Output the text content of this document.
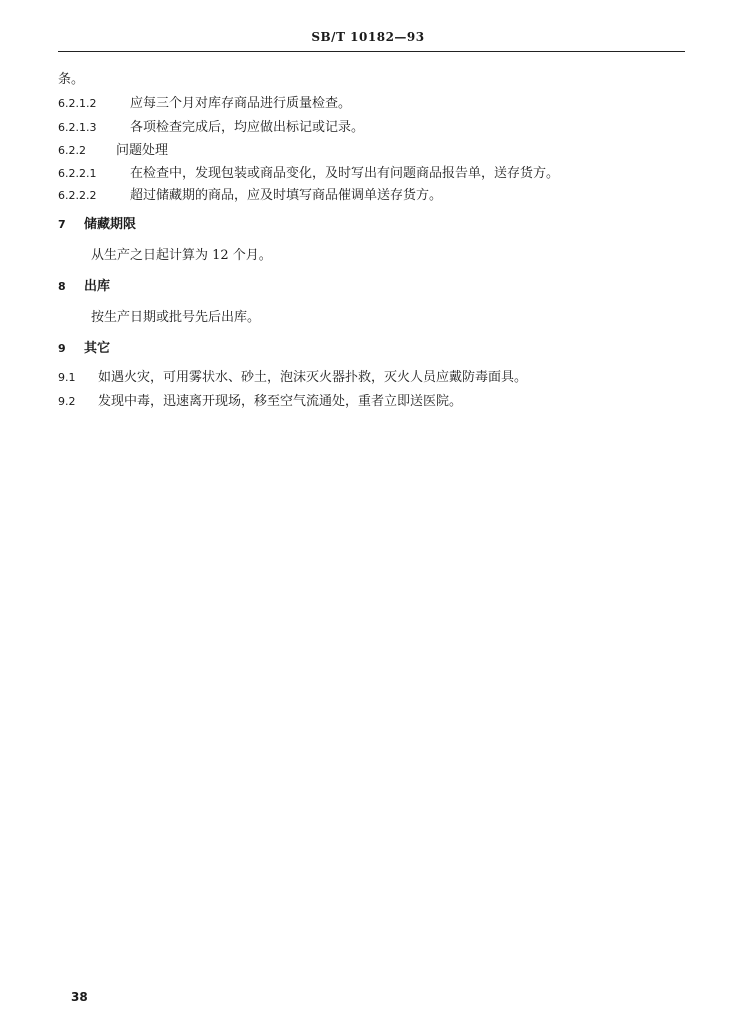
SB/T 10182—93
条。
6.2.1.2	应每三个月对库存商品进行质量检查。
6.2.1.3	各项检查完成后，均应做出标记或记录。
6.2.2 问题处理
6.2.2.1	在检查中，发现包装或商品变化，及时写出有问题商品报告单，送存货方。
6.2.2.2	超过储藏期的商品，应及时填写商品催调单送存货方。
7 储藏期限
从生产之日起计算为 12 个月。
8 出库
按生产日期或批号先后出库。
9 其它
9.1 如遇火灾，可用雾状水、砂土，泡沫灭火器扑救，灭火人员应戴防毒面具。
9.2 发现中毒，迅速离开现场，移至空气流通处，重者立即送医院。
38
